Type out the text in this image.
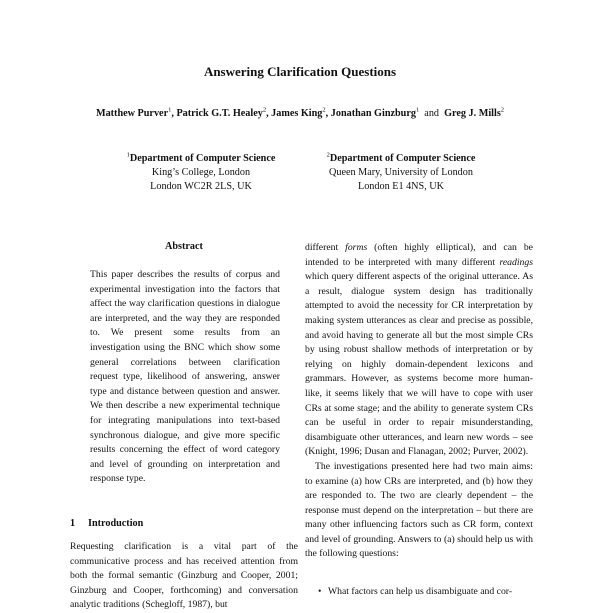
Answering Clarification Questions
Matthew Purver$^1$, Patrick G.T. Healey$^2$, James King$^2$, Jonathan Ginzburg$^1$ and Greg J. Mills$^2$
$^1$Department of Computer Science
King’s College, London
London WC2R 2LS, UK
$^2$Department of Computer Science
Queen Mary, University of London
London E1 4NS, UK
Abstract
This paper describes the results of corpus and experimental investigation into the factors that affect the way clarification questions in dialogue are interpreted, and the way they are responded to. We present some results from an investigation using the BNC which show some general correlations between clarification request type, likelihood of answering, answer type and distance between question and answer. We then describe a new experimental technique for integrating manipulations into text-based synchronous dialogue, and give more specific results concerning the effect of word category and level of grounding on interpretation and response type.
1 Introduction

Requesting clarification is a vital part of the communicative process and has received attention from both the formal semantic (Ginzburg and Cooper, 2001; Ginzburg and Cooper, forthcoming) and conversation analytic traditions (Schegloff, 1987), but

different forms (often highly elliptical), and can be intended to be interpreted with many different readings which query different aspects of the original utterance. As a result, dialogue system design has traditionally attempted to avoid the necessity for CR interpretation by making system utterances as clear and precise as possible, and avoid having to generate all but the most simple CRs by using robust shallow methods of interpretation or by relying on highly domain-dependent lexicons and grammars. However, as systems become more human-like, it seems likely that we will have to cope with user CRs at some stage; and the ability to generate system CRs can be useful in order to repair misunderstanding, disambiguate other utterances, and learn new words – see (Knight, 1996; Dusan and Flanagan, 2002; Purver, 2002).

The investigations presented here had two main aims: to examine (a) how CRs are interpreted, and (b) how they are responded to. The two are clearly dependent – the response must depend on the interpretation – but there are many other influencing factors such as CR form, context and level of grounding. Answers to (a) should help us with the following questions:

• What factors can help us disambiguate and cor-
